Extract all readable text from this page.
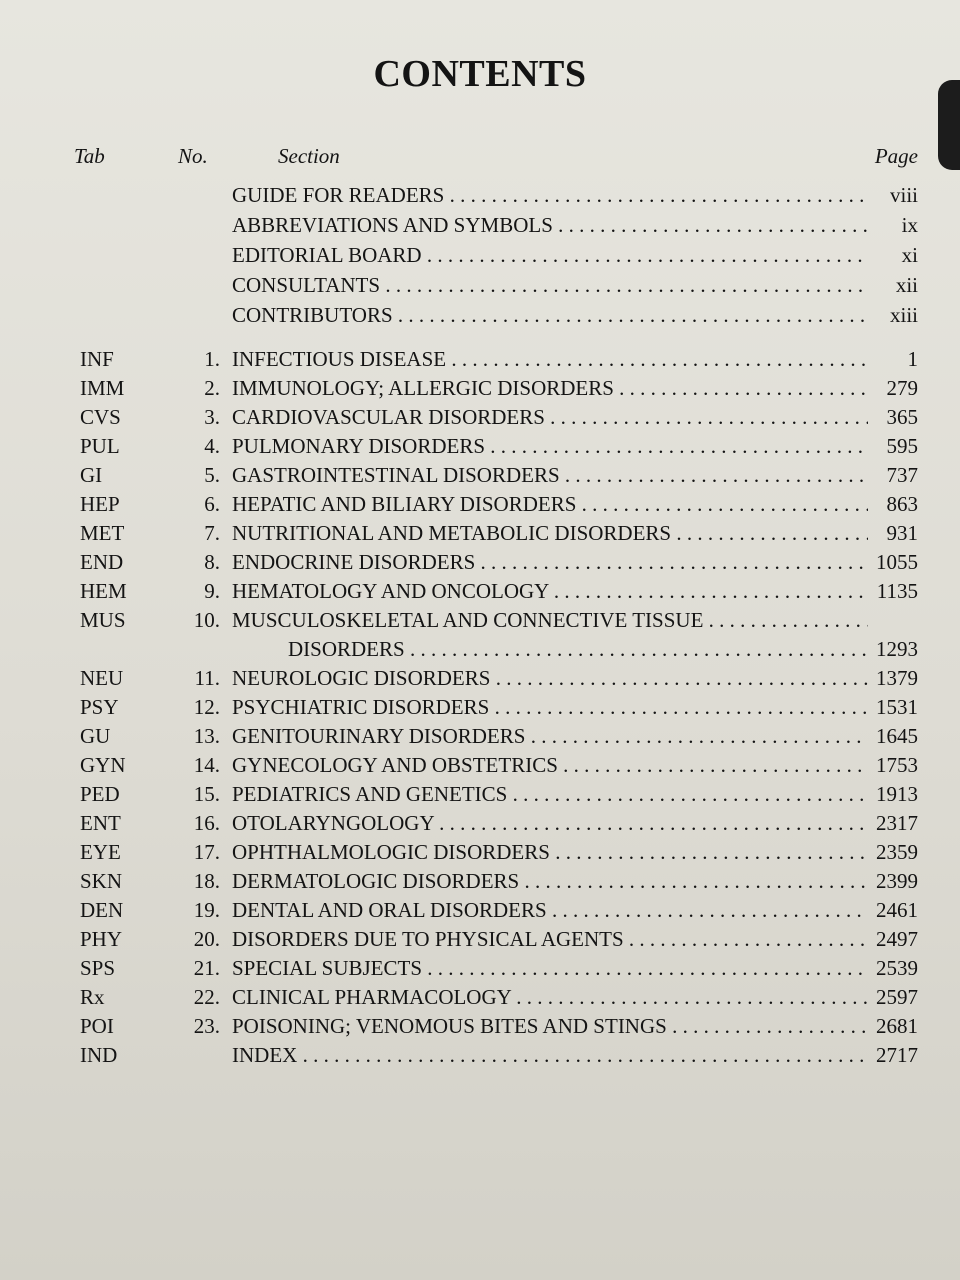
CONTENTS
Tab	No.	Section	Page
GUIDE FOR READERS . . .	viii
ABBREVIATIONS AND SYMBOLS . . .	ix
EDITORIAL BOARD . . .	xi
CONSULTANTS . . .	xii
CONTRIBUTORS . . .	xiii
INF	1. INFECTIOUS DISEASE . . .	1
IMM	2. IMMUNOLOGY; ALLERGIC DISORDERS . . .	279
CVS	3. CARDIOVASCULAR DISORDERS . . .	365
PUL	4. PULMONARY DISORDERS . . .	595
GI	5. GASTROINTESTINAL DISORDERS . . .	737
HEP	6. HEPATIC AND BILIARY DISORDERS . . .	863
MET	7. NUTRITIONAL AND METABOLIC DISORDERS . . .	931
END	8. ENDOCRINE DISORDERS . . .	1055
HEM	9. HEMATOLOGY AND ONCOLOGY . . .	1135
MUS	10. MUSCULOSKELETAL AND CONNECTIVE TISSUE . . .
DISORDERS . . .	1293
NEU	11. NEUROLOGIC DISORDERS . . .	1379
PSY	12. PSYCHIATRIC DISORDERS . . .	1531
GU	13. GENITOURINARY DISORDERS . . .	1645
GYN	14. GYNECOLOGY AND OBSTETRICS . . .	1753
PED	15. PEDIATRICS AND GENETICS . . .	1913
ENT	16. OTOLARYNGOLOGY . . .	2317
EYE	17. OPHTHALMOLOGIC DISORDERS . . .	2359
SKN	18. DERMATOLOGIC DISORDERS . . .	2399
DEN	19. DENTAL AND ORAL DISORDERS . . .	2461
PHY	20. DISORDERS DUE TO PHYSICAL AGENTS . . .	2497
SPS	21. SPECIAL SUBJECTS . . .	2539
Rx	22. CLINICAL PHARMACOLOGY . . .	2597
POI	23. POISONING; VENOMOUS BITES AND STINGS . . .	2681
IND	INDEX . . .	2717
